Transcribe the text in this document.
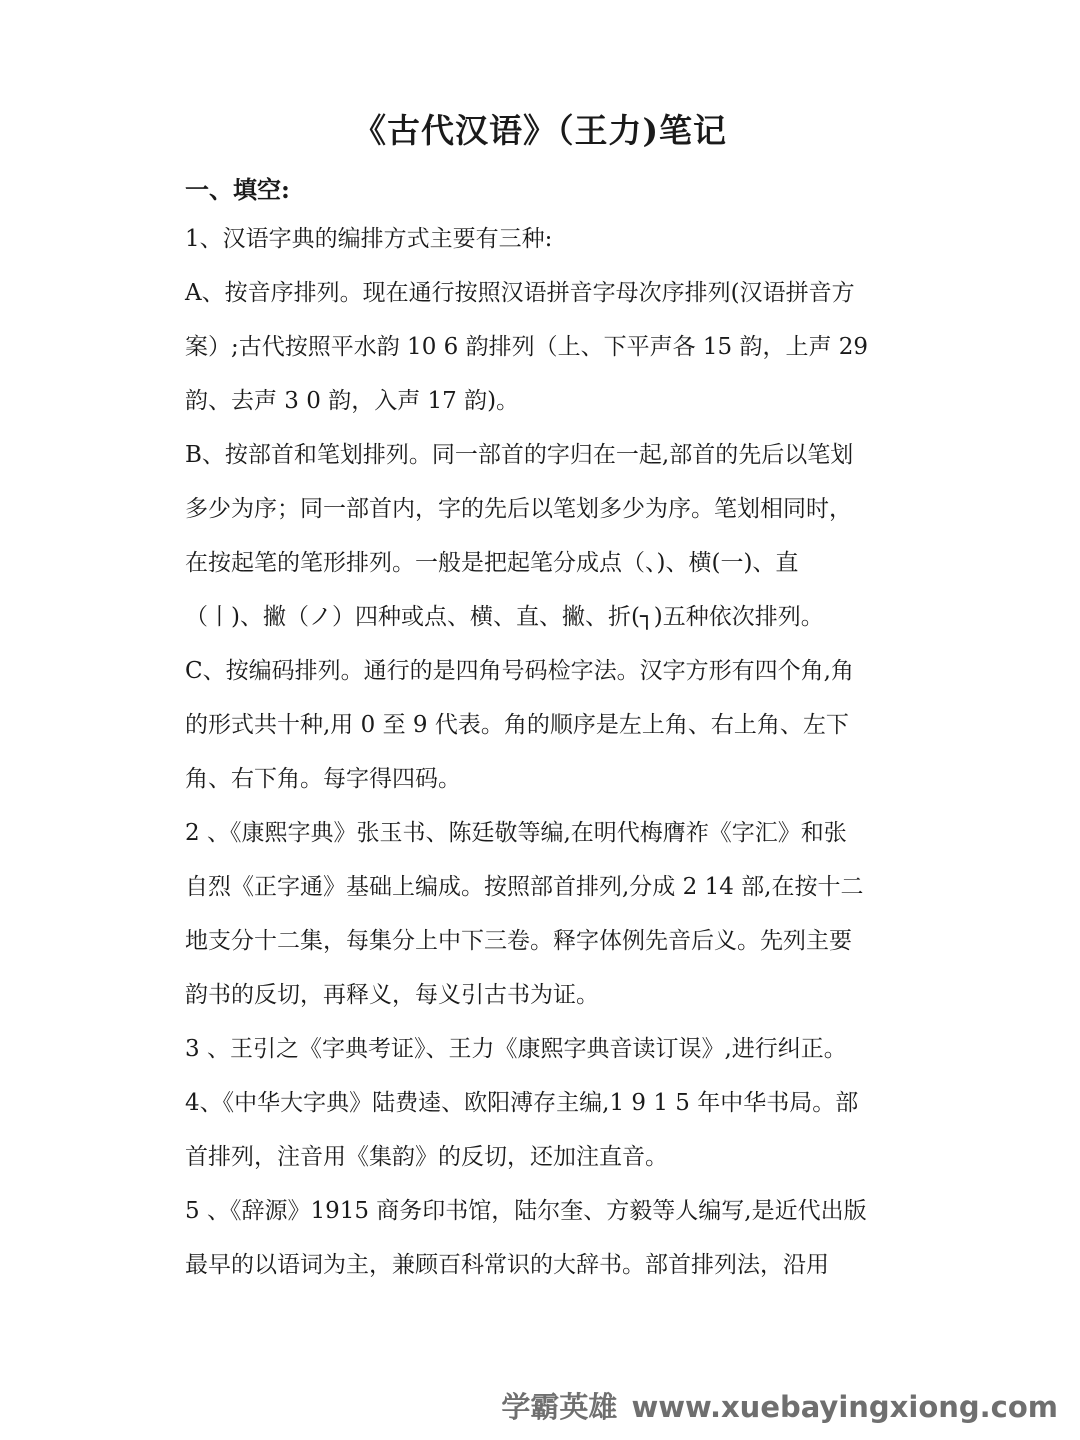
《古代汉语》（王力)笔记
一、填空:
1、汉语字典的编排方式主要有三种:
A、按音序排列。现在通行按照汉语拼音字母次序排列(汉语拼音方
案）;古代按照平水韵 10 6 韵排列（上、下平声各 15 韵，上声 29
韵、去声 3 0 韵，入声 17 韵)。
B、按部首和笔划排列。同一部首的字归在一起,部首的先后以笔划
多少为序；同一部首内，字的先后以笔划多少为序。笔划相同时，
在按起笔的笔形排列。一般是把起笔分成点（、)、横(一)、直
（丨)、撇（ノ）四种或点、横、直、撇、折(┐)五种依次排列。
C、按编码排列。通行的是四角号码检字法。汉字方形有四个角,角
的形式共十种,用 0 至 9 代表。角的顺序是左上角、右上角、左下
角、右下角。每字得四码。
2 、《康熙字典》张玉书、陈廷敬等编,在明代梅膺祚《字汇》和张
自烈《正字通》基础上编成。按照部首排列,分成 2 14 部,在按十二
地支分十二集，每集分上中下三卷。释字体例先音后义。先列主要
韵书的反切，再释义，每义引古书为证。
3 、王引之《字典考证》、王力《康熙字典音读订误》,进行纠正。
4、《中华大字典》陆费逵、欧阳溥存主编,1 9 1 5 年中华书局。部
首排列，注音用《集韵》的反切，还加注直音。
5 、《辞源》1915 商务印书馆，陆尔奎、方毅等人编写,是近代出版
最早的以语词为主，兼顾百科常识的大辞书。部首排列法，沿用
学霸英雄 www.xuebayingxiong.com
